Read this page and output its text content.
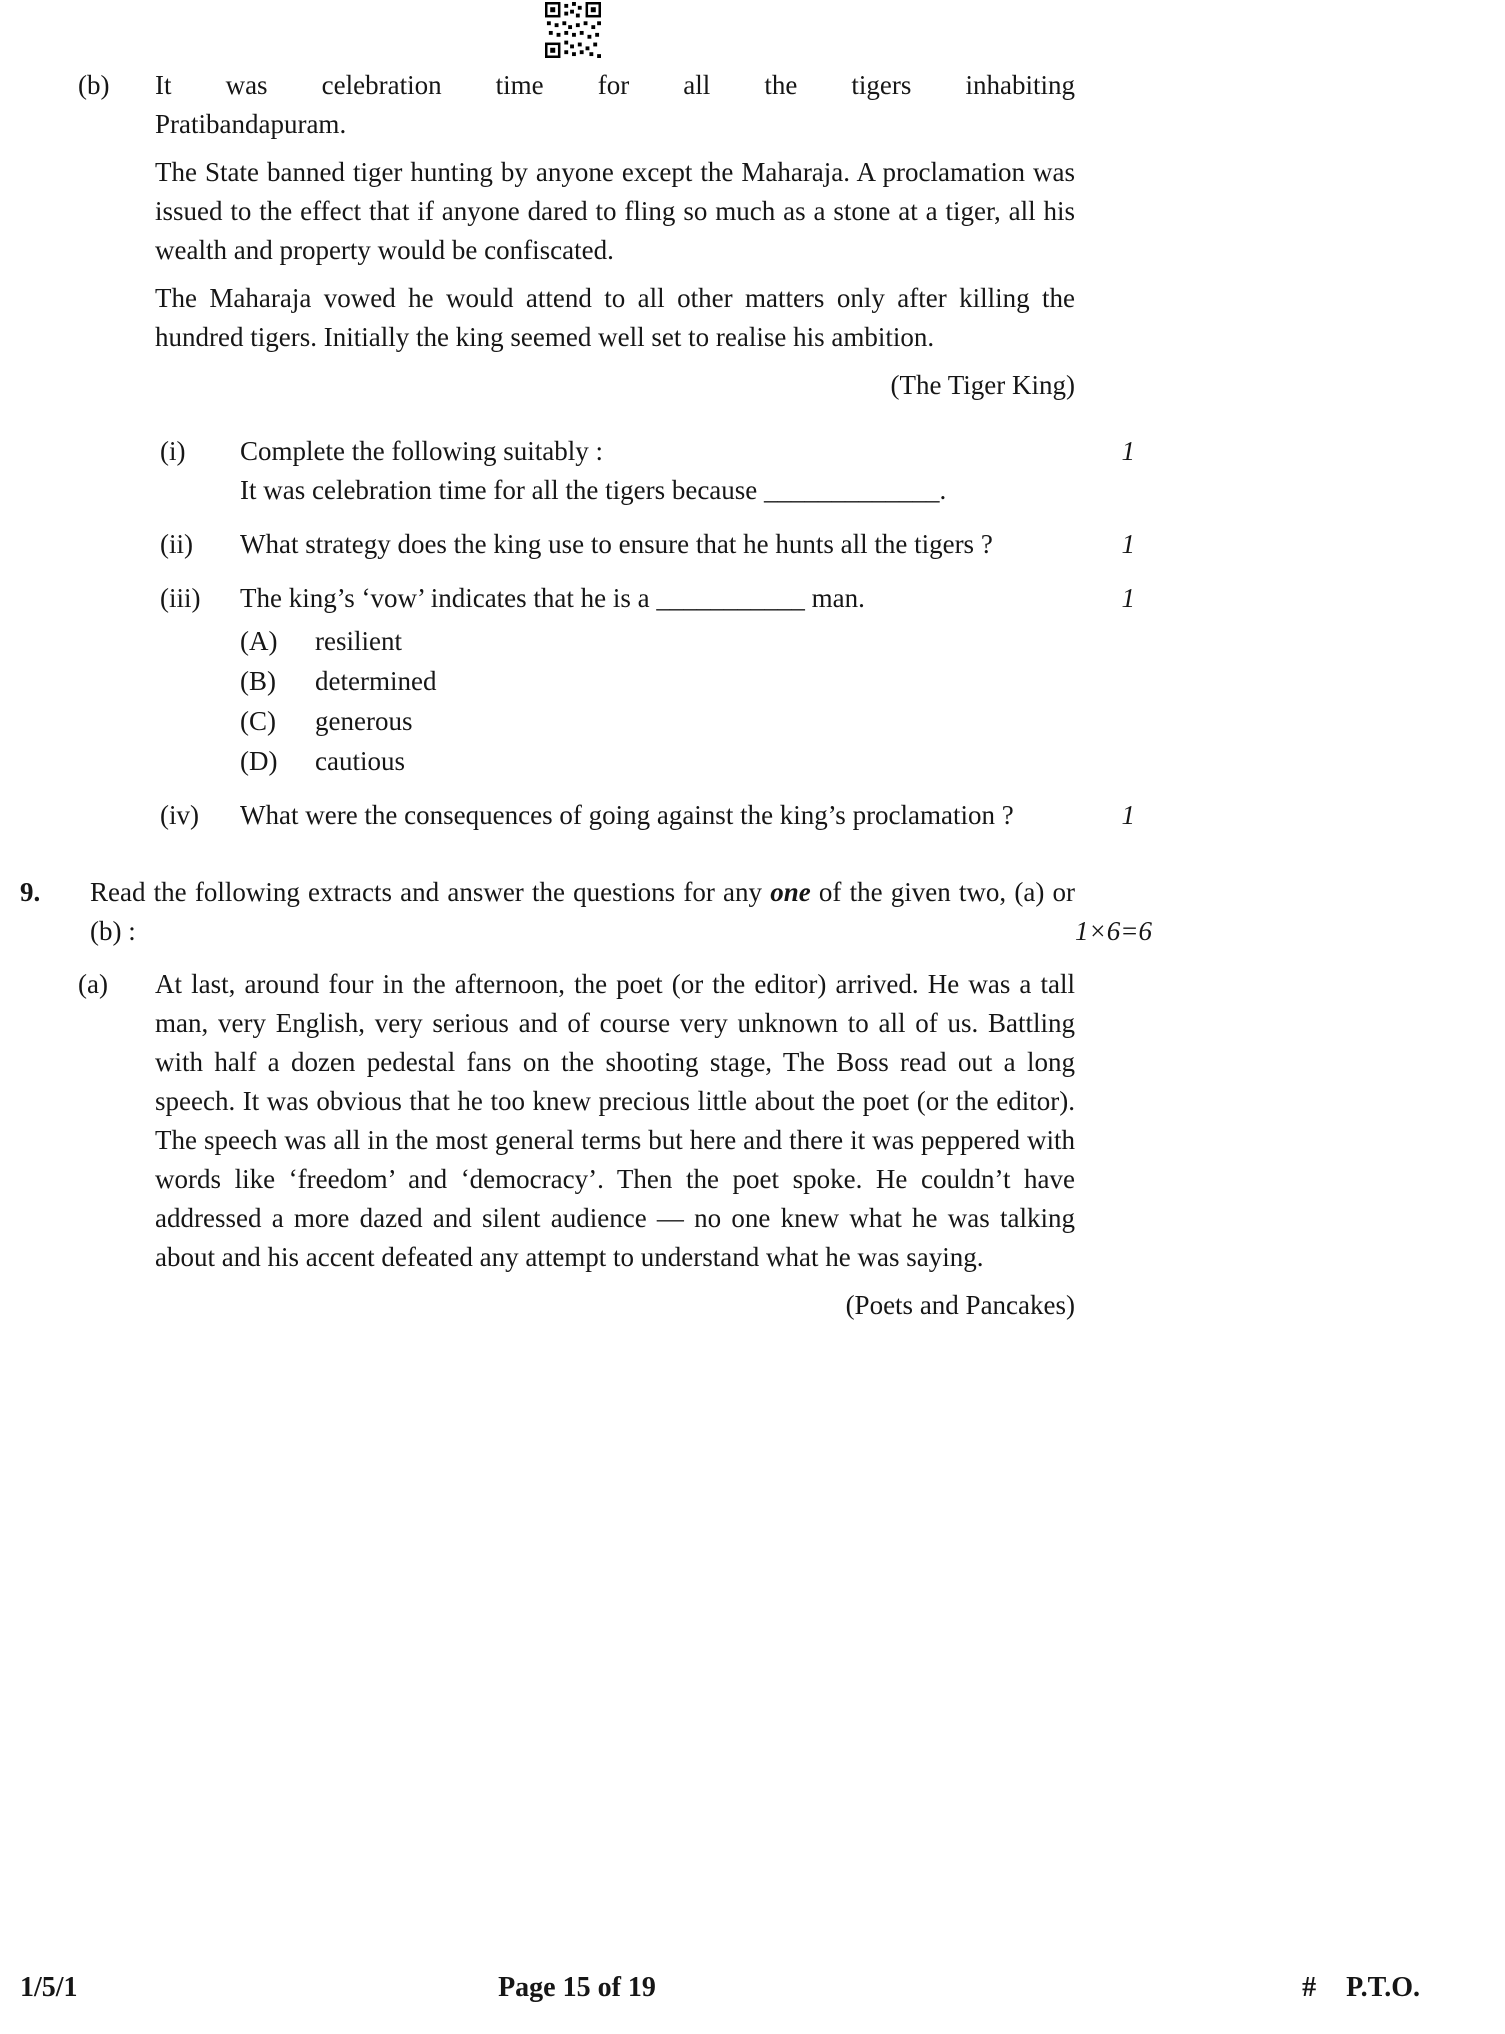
(b)	It was celebration time for all the tigers inhabiting
Pratibandapuram.

The State banned tiger hunting by anyone except the Maharaja. A proclamation was issued to the effect that if anyone dared to fling so much as a stone at a tiger, all his wealth and property would be confiscated.

The Maharaja vowed he would attend to all other matters only after killing the hundred tigers. Initially the king seemed well set to realise his ambition.

(The Tiger King)
(i)	Complete the following suitably :
It was celebration time for all the tigers because _____________.
1
(ii)	What strategy does the king use to ensure that he hunts all the tigers ?	1
(iii)	The king’s ‘vow’ indicates that he is a ___________ man.
(A)	resilient
(B)	determined
(C)	generous
(D)	cautious
1
(iv)	What were the consequences of going against the king’s proclamation ?	1
9.	Read the following extracts and answer the questions for any one of the given two, (a) or (b) :	1×6=6
(a)	At last, around four in the afternoon, the poet (or the editor) arrived. He was a tall man, very English, very serious and of course very unknown to all of us. Battling with half a dozen pedestal fans on the shooting stage, The Boss read out a long speech. It was obvious that he too knew precious little about the poet (or the editor). The speech was all in the most general terms but here and there it was peppered with words like ‘freedom’ and ‘democracy’. Then the poet spoke. He couldn’t have addressed a more dazed and silent audience — no one knew what he was talking about and his accent defeated any attempt to understand what he was saying.

(Poets and Pancakes)
1/5/1	Page 15 of 19	# P.T.O.
